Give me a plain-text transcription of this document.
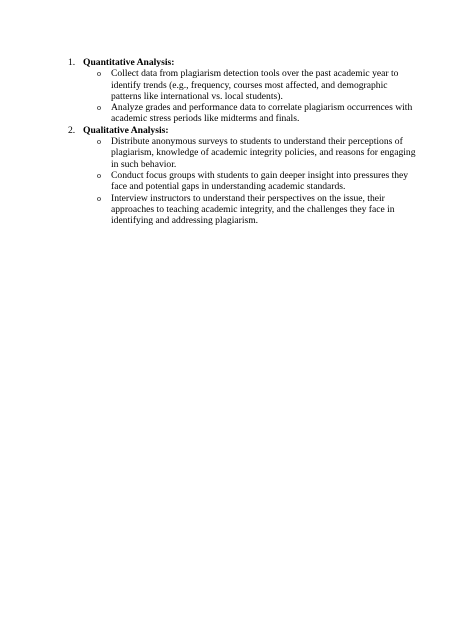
1. Quantitative Analysis:
o Collect data from plagiarism detection tools over the past academic year to identify trends (e.g., frequency, courses most affected, and demographic patterns like international vs. local students).
o Analyze grades and performance data to correlate plagiarism occurrences with academic stress periods like midterms and finals.
2. Qualitative Analysis:
o Distribute anonymous surveys to students to understand their perceptions of plagiarism, knowledge of academic integrity policies, and reasons for engaging in such behavior.
o Conduct focus groups with students to gain deeper insight into pressures they face and potential gaps in understanding academic standards.
o Interview instructors to understand their perspectives on the issue, their approaches to teaching academic integrity, and the challenges they face in identifying and addressing plagiarism.
